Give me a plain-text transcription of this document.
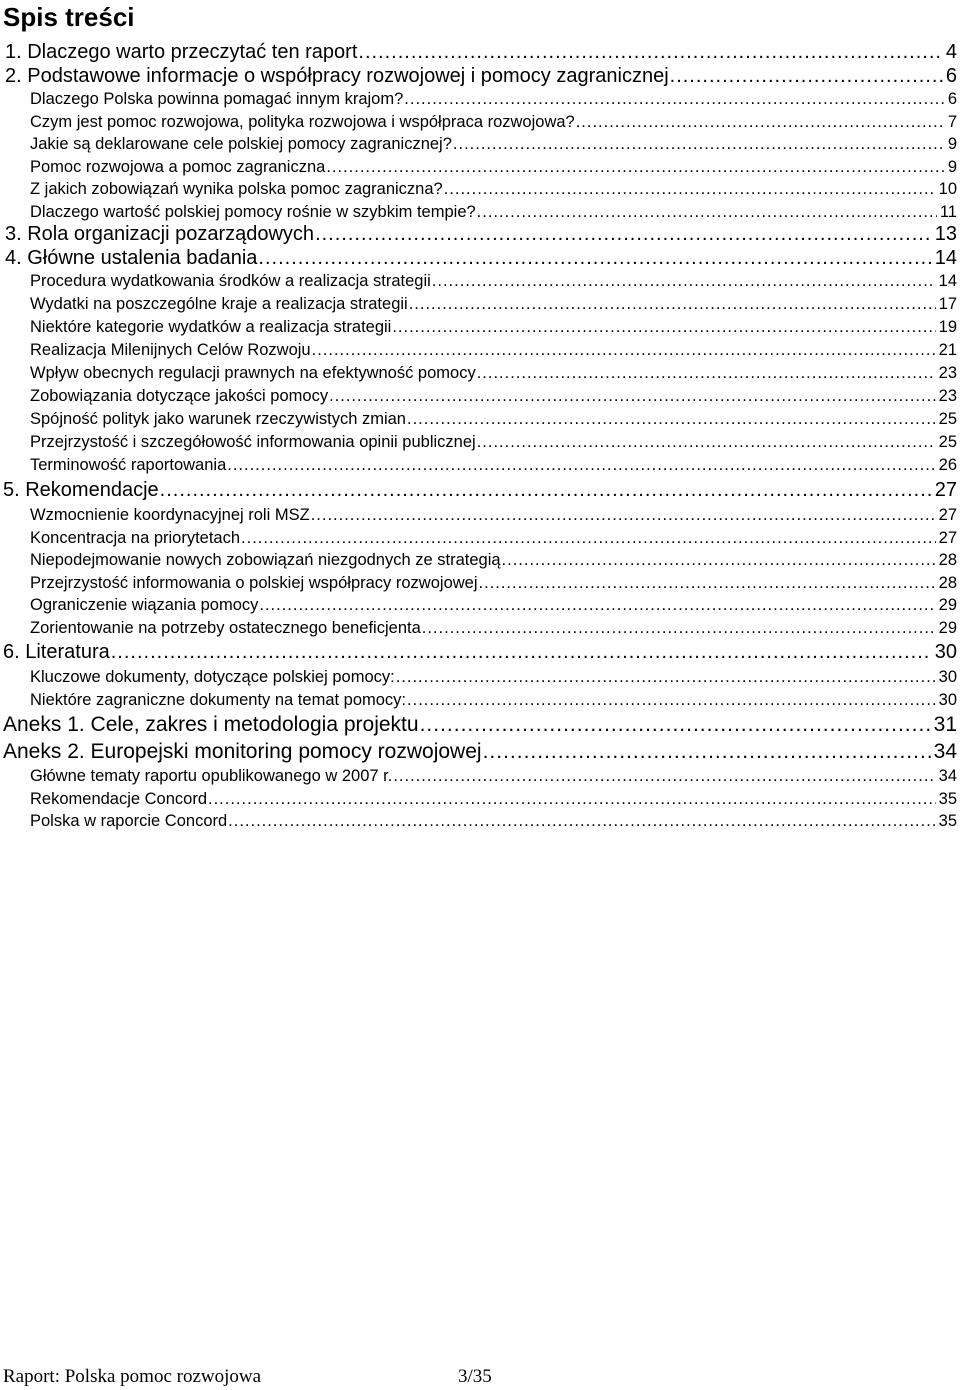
Spis treści
1. Dlaczego warto przeczytać ten raport .....	4
2. Podstawowe informacje o współpracy rozwojowej i pomocy zagranicznej .....	6
Dlaczego Polska powinna pomagać innym krajom? .....	6
Czym jest pomoc rozwojowa, polityka rozwojowa i współpraca rozwojowa? .....	7
Jakie są deklarowane cele polskiej pomocy zagranicznej? .....	9
Pomoc rozwojowa a pomoc zagraniczna .....	9
Z jakich zobowiązań wynika polska pomoc zagraniczna? .....	10
Dlaczego wartość polskiej pomocy rośnie w szybkim tempie? .....	11
3. Rola organizacji pozarządowych .....	13
4. Główne ustalenia badania .....	14
Procedura wydatkowania środków a realizacja strategii .....	14
Wydatki na poszczególne kraje a realizacja strategii .....	17
Niektóre kategorie wydatków a realizacja strategii .....	19
Realizacja Milenijnych Celów Rozwoju .....	21
Wpływ obecnych regulacji prawnych na efektywność pomocy .....	23
Zobowiązania dotyczące jakości pomocy .....	23
Spójność polityk jako warunek rzeczywistych zmian .....	25
Przejrzystość i szczegółowość informowania opinii publicznej .....	25
Terminowość raportowania .....	26
5. Rekomendacje .....	27
Wzmocnienie koordynacyjnej roli MSZ .....	27
Koncentracja na priorytetach .....	27
Niepodejmowanie nowych zobowiązań niezgodnych ze strategią .....	28
Przejrzystość informowania o polskiej współpracy rozwojowej .....	28
Ograniczenie wiązania pomocy .....	29
Zorientowanie na potrzeby ostatecznego beneficjenta .....	29
6. Literatura .....	30
Kluczowe dokumenty, dotyczące polskiej pomocy: .....	30
Niektóre zagraniczne dokumenty na temat pomocy: .....	30
Aneks 1. Cele, zakres i metodologia projektu .....	31
Aneks 2. Europejski monitoring pomocy rozwojowej .....	34
Główne tematy raportu opublikowanego w 2007 r. .....	34
Rekomendacje Concord .....	35
Polska w raporcie Concord .....	35
Raport: Polska pomoc rozwojowa	3/35
